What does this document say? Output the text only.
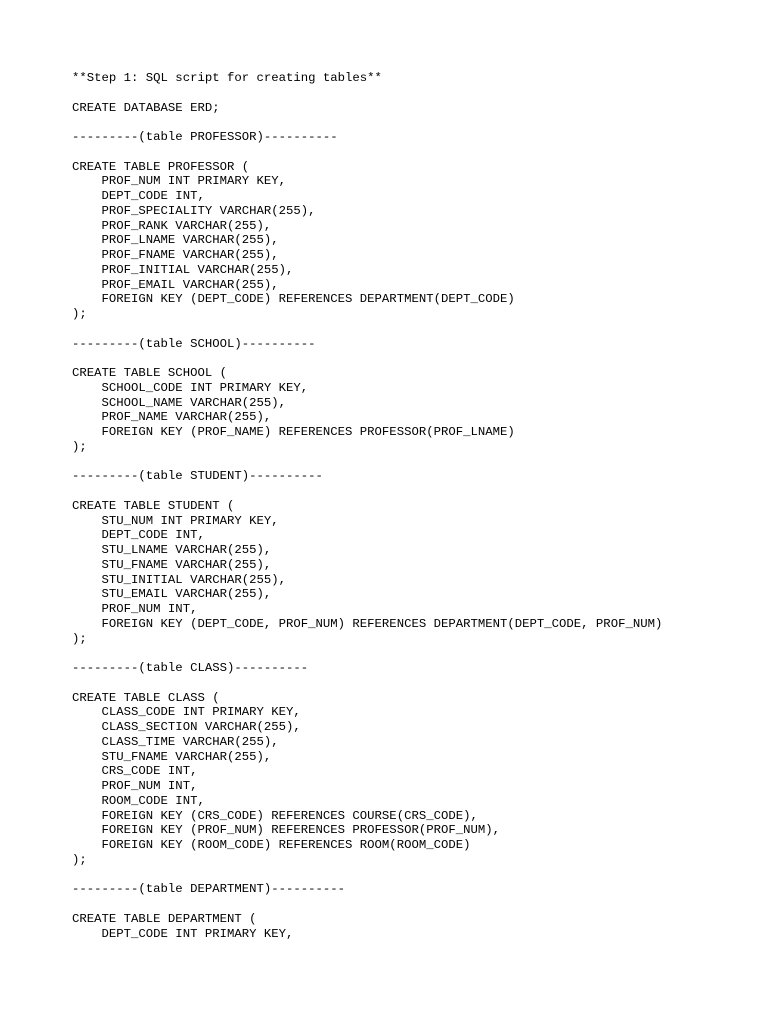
**Step 1: SQL script for creating tables**
CREATE DATABASE ERD;
---------(table PROFESSOR)----------
CREATE TABLE PROFESSOR (
PROF_NUM INT PRIMARY KEY,
DEPT_CODE INT,
PROF_SPECIALITY VARCHAR(255),
PROF_RANK VARCHAR(255),
PROF_LNAME VARCHAR(255),
PROF_FNAME VARCHAR(255),
PROF_INITIAL VARCHAR(255),
PROF_EMAIL VARCHAR(255),
FOREIGN KEY (DEPT_CODE) REFERENCES DEPARTMENT(DEPT_CODE)
);
---------(table SCHOOL)----------
CREATE TABLE SCHOOL (
SCHOOL_CODE INT PRIMARY KEY,
SCHOOL_NAME VARCHAR(255),
PROF_NAME VARCHAR(255),
FOREIGN KEY (PROF_NAME) REFERENCES PROFESSOR(PROF_LNAME)
);
---------(table STUDENT)----------
CREATE TABLE STUDENT (
STU_NUM INT PRIMARY KEY,
DEPT_CODE INT,
STU_LNAME VARCHAR(255),
STU_FNAME VARCHAR(255),
STU_INITIAL VARCHAR(255),
STU_EMAIL VARCHAR(255),
PROF_NUM INT,
FOREIGN KEY (DEPT_CODE, PROF_NUM) REFERENCES DEPARTMENT(DEPT_CODE, PROF_NUM)
);
---------(table CLASS)----------
CREATE TABLE CLASS (
CLASS_CODE INT PRIMARY KEY,
CLASS_SECTION VARCHAR(255),
CLASS_TIME VARCHAR(255),
STU_FNAME VARCHAR(255),
CRS_CODE INT,
PROF_NUM INT,
ROOM_CODE INT,
FOREIGN KEY (CRS_CODE) REFERENCES COURSE(CRS_CODE),
FOREIGN KEY (PROF_NUM) REFERENCES PROFESSOR(PROF_NUM),
FOREIGN KEY (ROOM_CODE) REFERENCES ROOM(ROOM_CODE)
);
---------(table DEPARTMENT)----------
CREATE TABLE DEPARTMENT (
DEPT_CODE INT PRIMARY KEY,
